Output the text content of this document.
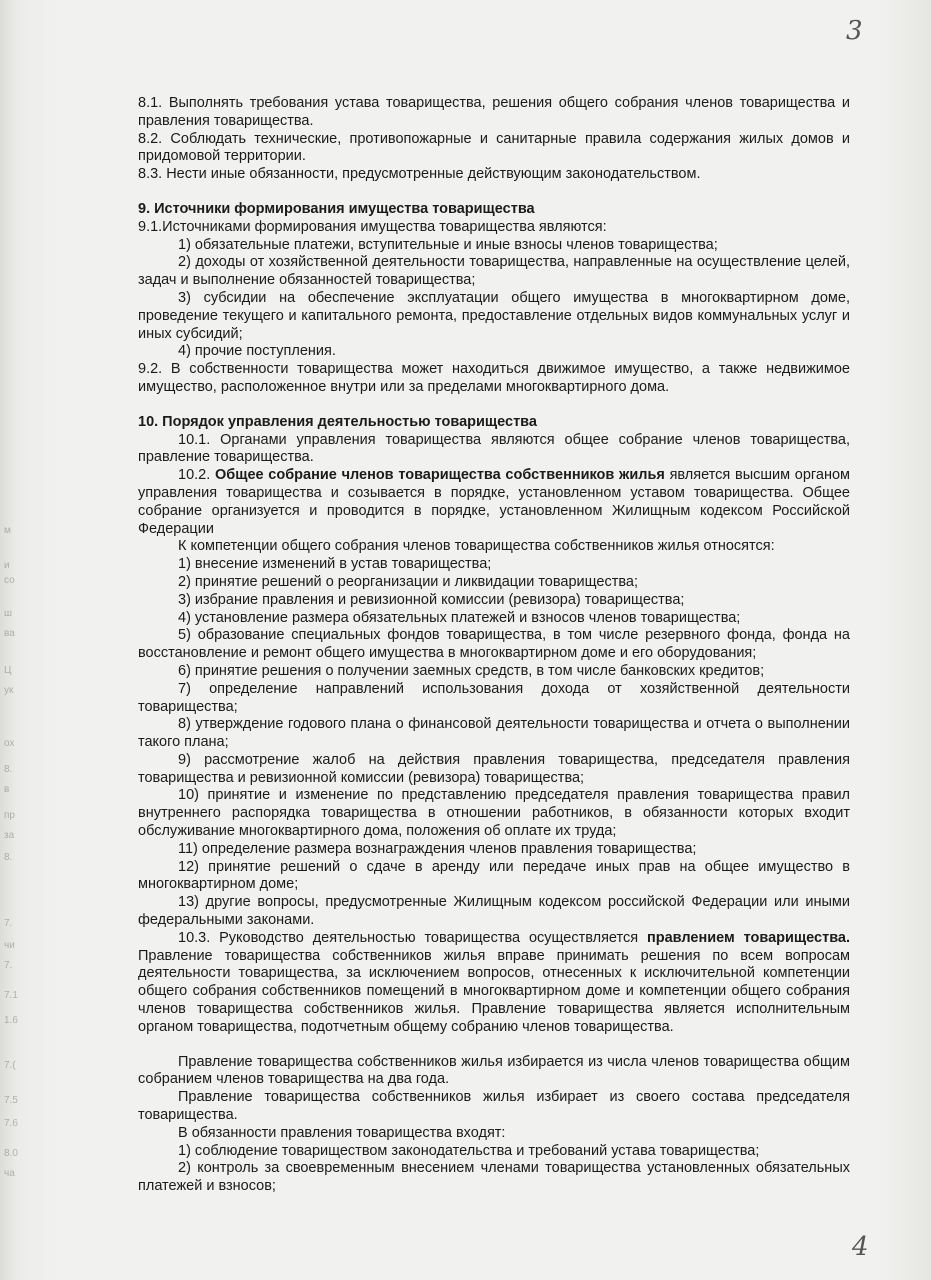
м
и
со
ш
ва
Ц
ук
ох
8.
в
пр
за
8.
7.
чи
7.
7.1
1.6
7.(
7.5
7.6
8.0
ча
3

8.1. Выполнять требования устава товарищества, решения общего собрания членов товарищества и правления товарищества.

8.2. Соблюдать технические, противопожарные и санитарные правила содержания жилых домов и придомовой территории.

8.3. Нести иные обязанности, предусмотренные действующим законодательством.

9. Источники формирования имущества товарищества

9.1.Источниками формирования имущества товарищества являются:

1) обязательные платежи, вступительные и иные взносы членов товарищества;

2) доходы от хозяйственной деятельности товарищества, направленные на осуществление целей, задач и выполнение обязанностей товарищества;

3) субсидии на обеспечение эксплуатации общего имущества в многоквартирном доме, проведение текущего и капитального ремонта, предоставление отдельных видов коммунальных услуг и иных субсидий;

4) прочие поступления.

9.2. В собственности товарищества может находиться движимое имущество, а также недвижимое имущество, расположенное внутри или за пределами многоквартирного дома.

10. Порядок управления деятельностью товарищества

10.1. Органами управления товарищества являются общее собрание членов товарищества, правление товарищества.

10.2. Общее собрание членов товарищества собственников жилья является высшим органом управления товарищества и созывается в порядке, установленном уставом товарищества. Общее собрание организуется и проводится в порядке, установленном Жилищным кодексом Российской Федерации

К компетенции общего собрания членов товарищества собственников жилья относятся:

1) внесение изменений в устав товарищества;

2) принятие решений о реорганизации и ликвидации товарищества;

3) избрание правления и ревизионной комиссии (ревизора) товарищества;

4) установление размера обязательных платежей и взносов членов товарищества;

5) образование специальных фондов товарищества, в том числе резервного фонда, фонда на восстановление и ремонт общего имущества в многоквартирном доме и его оборудования;

6) принятие решения о получении заемных средств, в том числе банковских кредитов;

7) определение направлений использования дохода от хозяйственной деятельности товарищества;

8) утверждение годового плана о финансовой деятельности товарищества и отчета о выполнении такого плана;

9) рассмотрение жалоб на действия правления товарищества, председателя правления товарищества и ревизионной комиссии (ревизора) товарищества;

10) принятие и изменение по представлению председателя правления товарищества правил внутреннего распорядка товарищества в отношении работников, в обязанности которых входит обслуживание многоквартирного дома, положения об оплате их труда;

11) определение размера вознаграждения членов правления товарищества;

12) принятие решений о сдаче в аренду или передаче иных прав на общее имущество в многоквартирном доме;

13) другие вопросы, предусмотренные Жилищным кодексом российской Федерации или иными федеральными законами.

10.3. Руководство деятельностью товарищества осуществляется правлением товарищества. Правление товарищества собственников жилья вправе принимать решения по всем вопросам деятельности товарищества, за исключением вопросов, отнесенных к исключительной компетенции общего собрания собственников помещений в многоквартирном доме и компетенции общего собрания членов товарищества собственников жилья. Правление товарищества является исполнительным органом товарищества, подотчетным общему собранию членов товарищества.

Правление товарищества собственников жилья избирается из числа членов товарищества общим собранием членов товарищества на два года.

Правление товарищества собственников жилья избирает из своего состава председателя товарищества.

В обязанности правления товарищества входят:

1) соблюдение товариществом законодательства и требований устава товарищества;

2) контроль за своевременным внесением членами товарищества установленных обязательных платежей и взносов;

4
